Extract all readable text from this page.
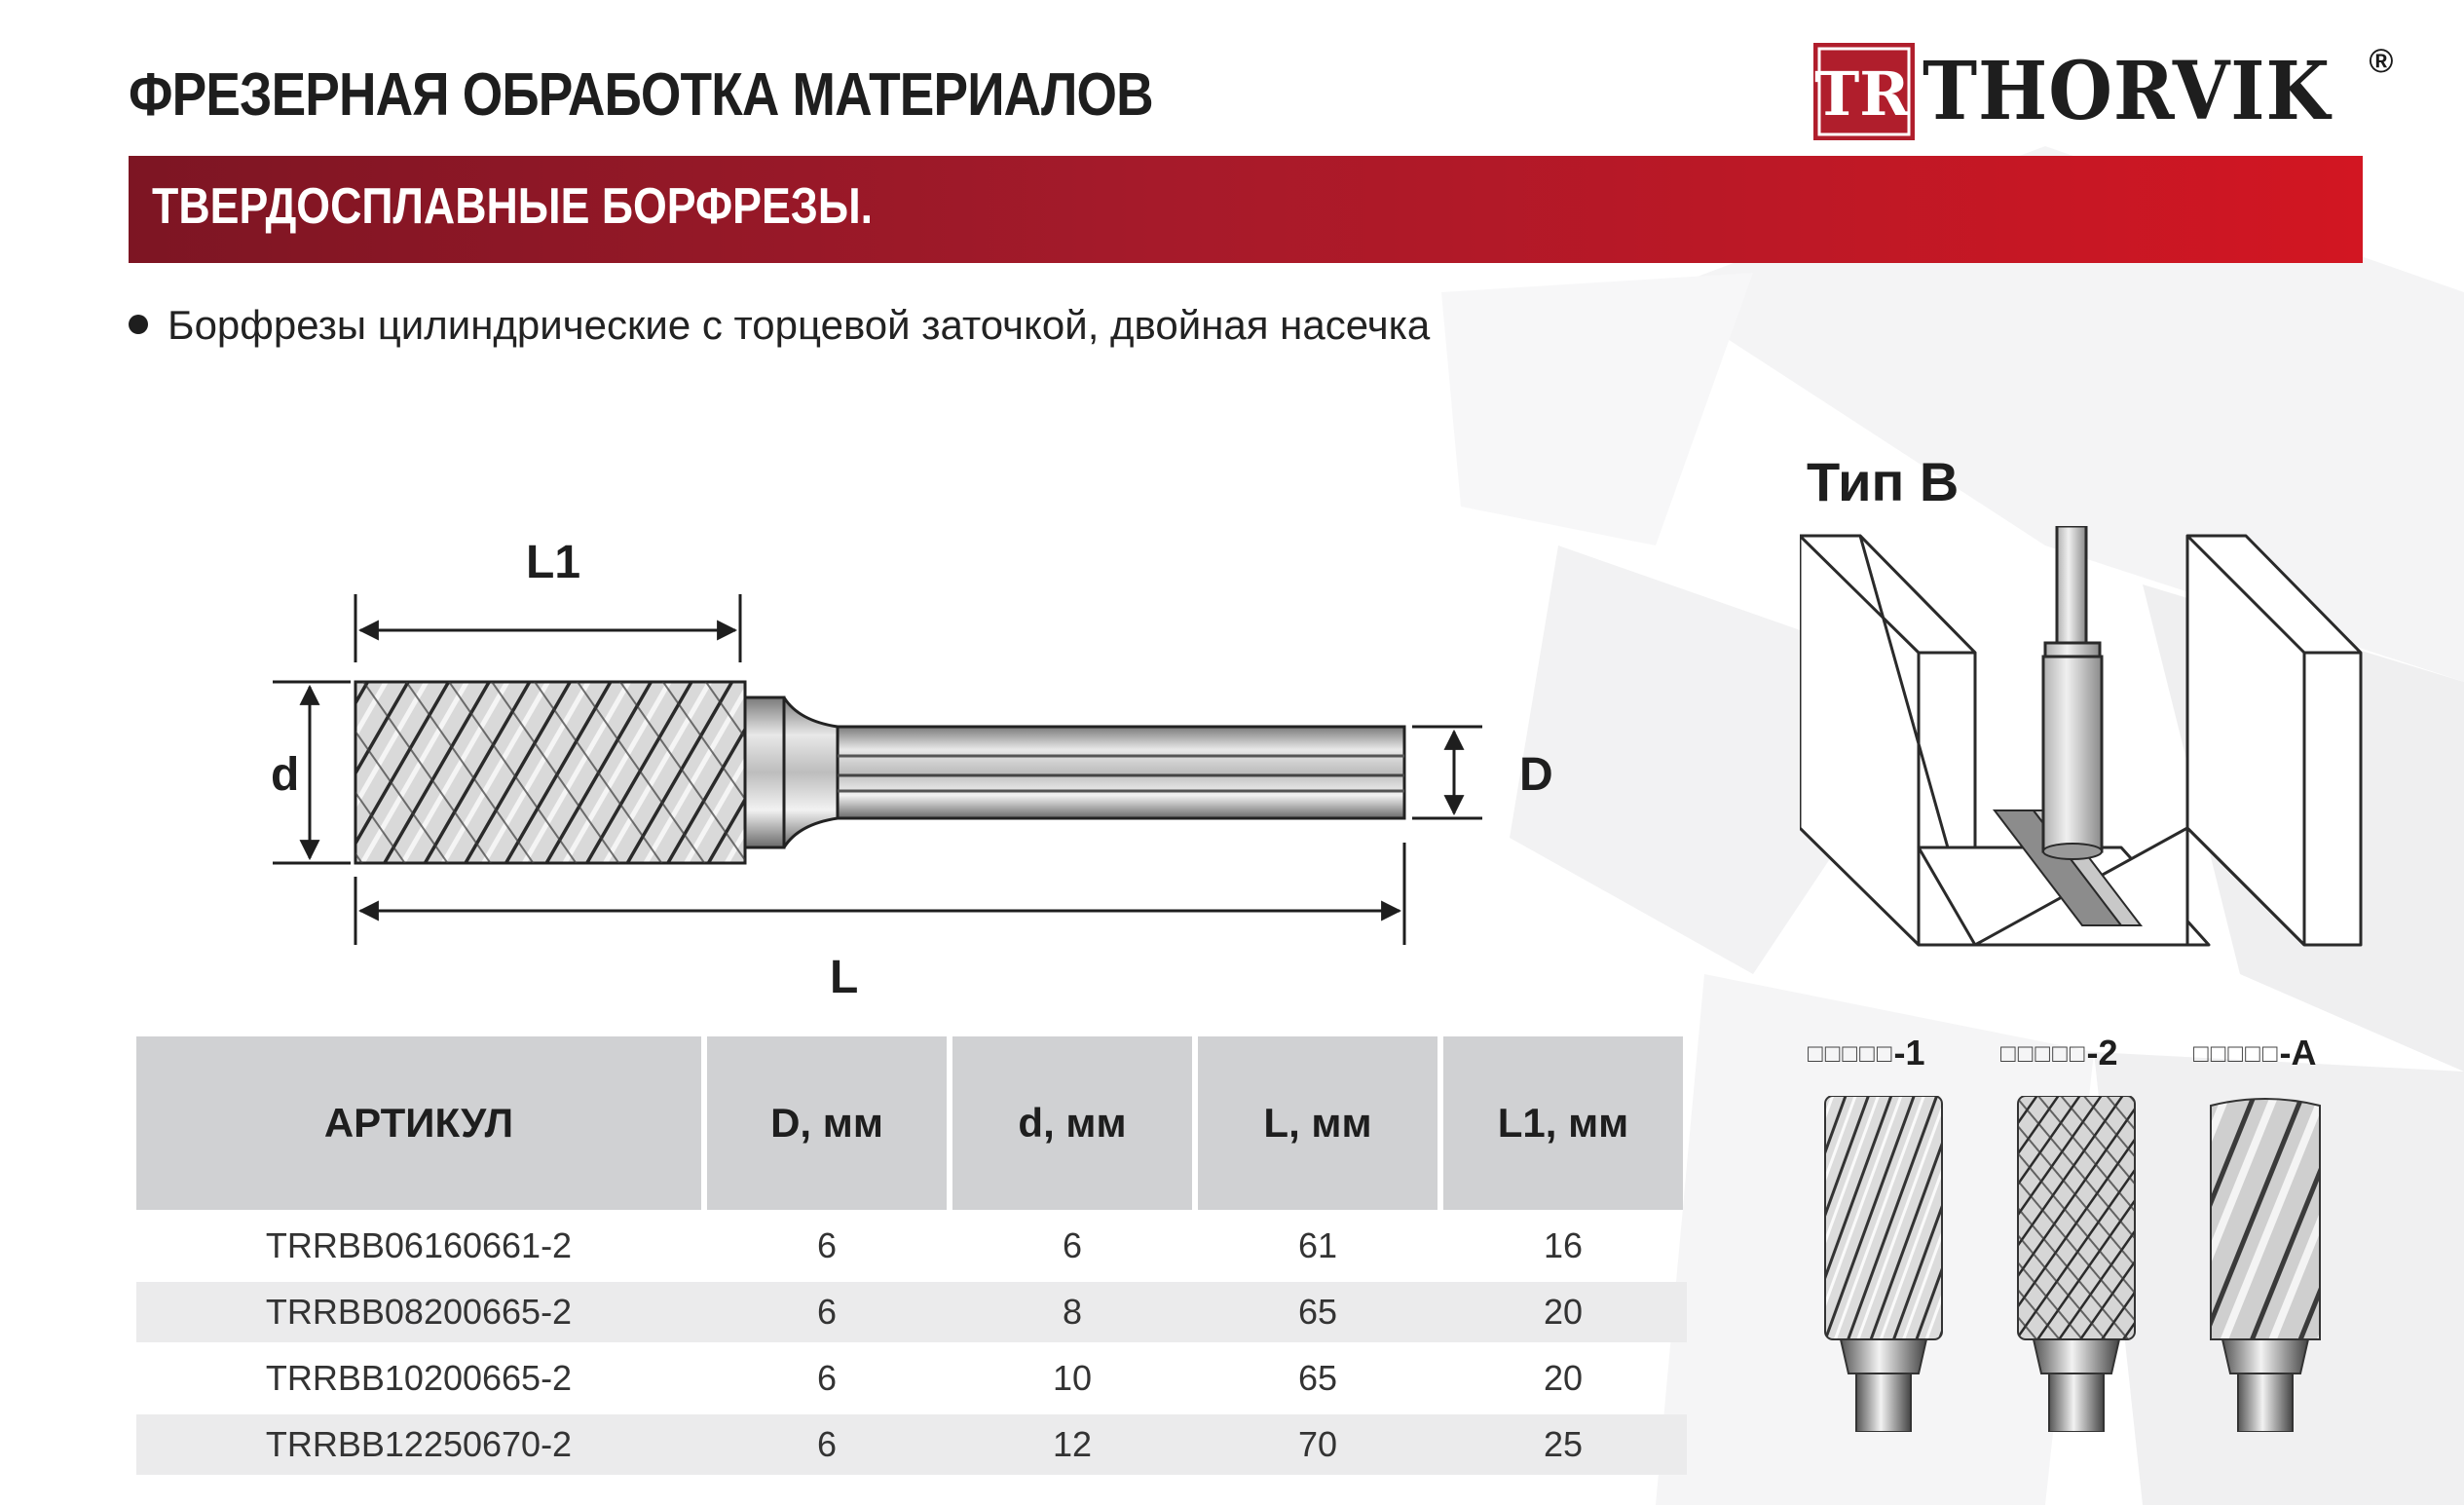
ФРЕЗЕРНАЯ ОБРАБОТКА МАТЕРИАЛОВ	TR THORVIK ®
ТВЕРДОСПЛАВНЫЕ БОРФРЕЗЫ.
Борфрезы цилиндрические с торцевой заточкой, двойная насечка
L1
d	D
L
Тип В
АРТИКУЛ	D, мм	d, мм	L, мм	L1, мм
TRRBB06160661-2	6	6	61	16
TRRBB08200665-2	6	8	65	20
TRRBB10200665-2	6	10	65	20
TRRBB12250670-2	6	12	70	25
□□□□□-1	□□□□□-2	□□□□□-A
